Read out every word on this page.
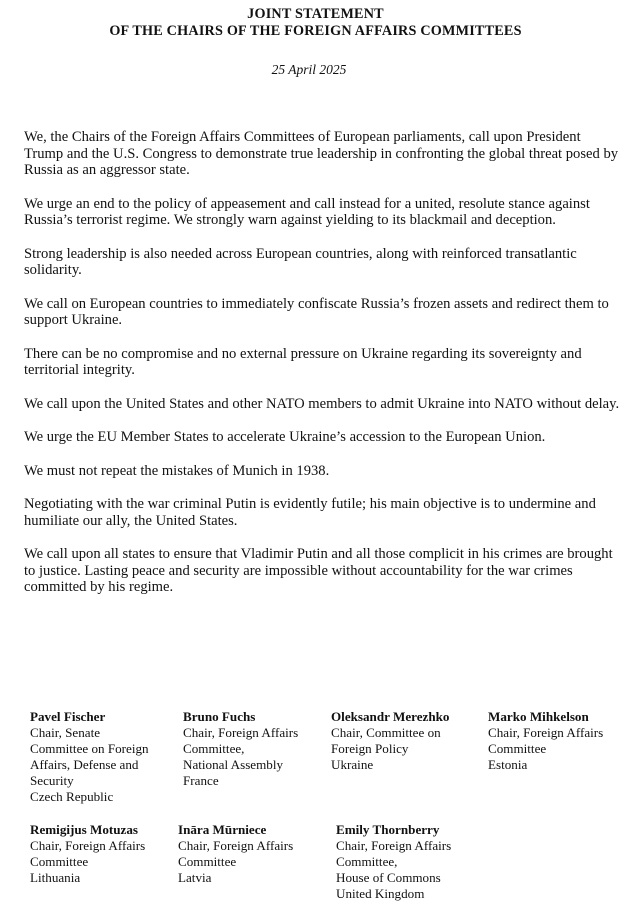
JOINT STATEMENT
OF THE CHAIRS OF THE FOREIGN AFFAIRS COMMITTEES
25 April 2025

We, the Chairs of the Foreign Affairs Committees of European parliaments, call upon President Trump and the U.S. Congress to demonstrate true leadership in confronting the global threat posed by Russia as an aggressor state.

We urge an end to the policy of appeasement and call instead for a united, resolute stance against Russia’s terrorist regime. We strongly warn against yielding to its blackmail and deception.

Strong leadership is also needed across European countries, along with reinforced transatlantic solidarity.

We call on European countries to immediately confiscate Russia’s frozen assets and redirect them to support Ukraine.

There can be no compromise and no external pressure on Ukraine regarding its sovereignty and territorial integrity.

We call upon the United States and other NATO members to admit Ukraine into NATO without delay.

We urge the EU Member States to accelerate Ukraine’s accession to the European Union.

We must not repeat the mistakes of Munich in 1938.

Negotiating with the war criminal Putin is evidently futile; his main objective is to undermine and humiliate our ally, the United States.

We call upon all states to ensure that Vladimir Putin and all those complicit in his crimes are brought to justice. Lasting peace and security are impossible without accountability for the war crimes committed by his regime.

Pavel Fischer
Chair, Senate
Committee on Foreign
Affairs, Defense and
Security
Czech Republic
Bruno Fuchs
Chair, Foreign Affairs
Committee,
National Assembly
France
Oleksandr Merezhko
Chair, Committee on
Foreign Policy
Ukraine
Marko Mihkelson
Chair, Foreign Affairs
Committee
Estonia
Remigijus Motuzas
Chair, Foreign Affairs
Committee
Lithuania
Ināra Mūrniece
Chair, Foreign Affairs
Committee
Latvia
Emily Thornberry
Chair, Foreign Affairs
Committee,
House of Commons
United Kingdom
